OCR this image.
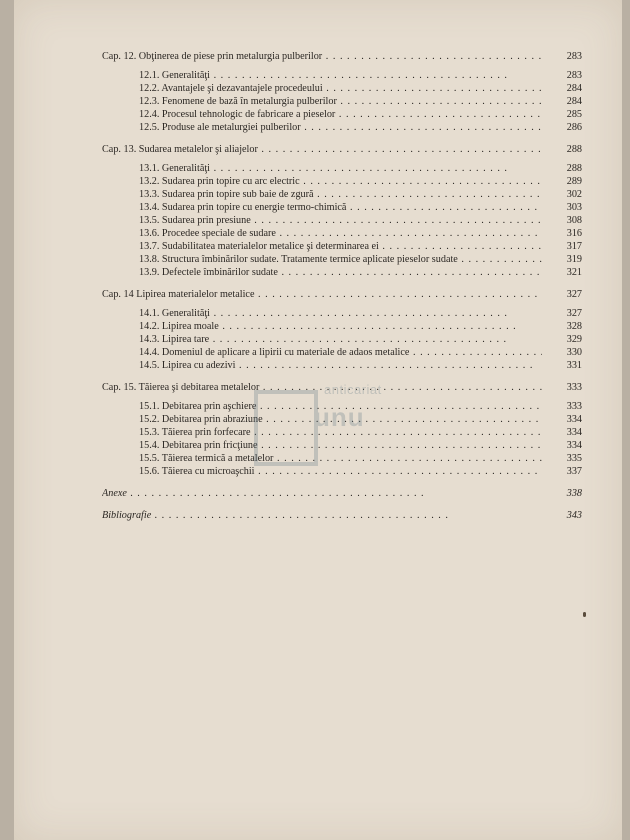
Cap. 12. Obţinerea de piese prin metalurgia pulberilor . .	283
12.1. Generalităţi . .	283
12.2. Avantajele şi dezavantajele procedeului . .	284
12.3. Fenomene de bază în metalurgia pulberilor . .	284
12.4. Procesul tehnologic de fabricare a pieselor . .	285
12.5. Produse ale metalurgiei pulberilor . .	286
Cap. 13. Sudarea metalelor şi aliajelor . .	288
13.1. Generalităţi . .	288
13.2. Sudarea prin topire cu arc electric . .	289
13.3. Sudarea prin topire sub baie de zgură . .	302
13.4. Sudarea prin topire cu energie termo-chimică . .	303
13.5. Sudarea prin presiune . .	308
13.6. Procedee speciale de sudare . .	316
13.7. Sudabilitatea materialelor metalice şi determinarea ei . .	317
13.8. Structura îmbinărilor sudate. Tratamente termice aplicate pieselor sudate . .	319
13.9. Defectele îmbinărilor sudate . .	321
Cap. 14 Lipirea materialelor metalice . .	327
14.1. Generalităţi . .	327
14.2. Lipirea moale . .	328
14.3. Lipirea tare . .	329
14.4. Domeniul de aplicare a lipirii cu materiale de adaos metalice . .	330
14.5. Lipirea cu adezivi . .	331
Cap. 15. Tăierea şi debitarea metalelor . .	333
15.1. Debitarea prin aşchiere . .	333
15.2. Debitarea prin abraziune . .	334
15.3. Tăierea prin forfecare . .	334
15.4. Debitarea prin fricţiune . .	334
15.5. Tăierea termică a metalelor . .	335
15.6. Tăierea cu microaşchii . .	337
Anexe . .	338
Bibliografie . .	343
anticariat
unu
